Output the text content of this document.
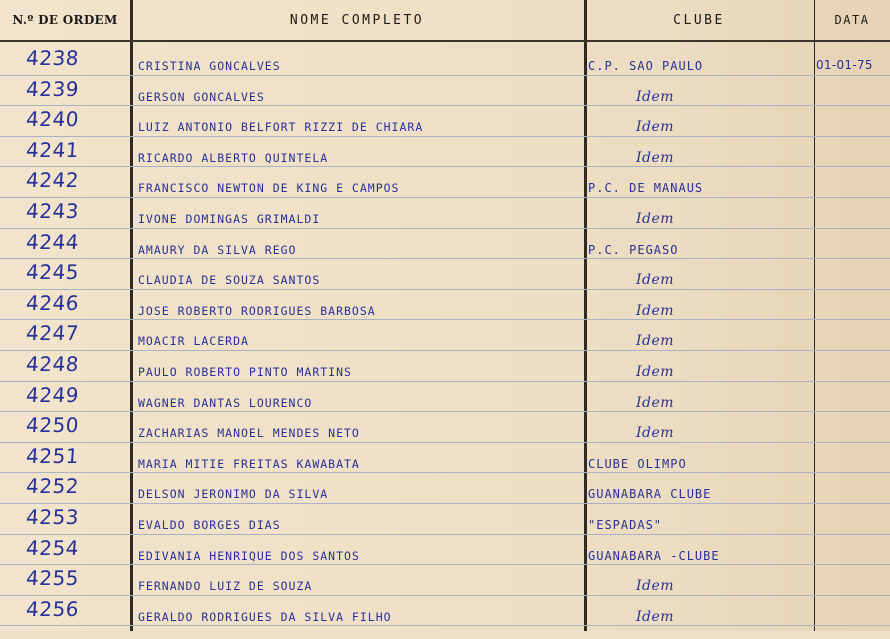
N.º DE ORDEM	NOME COMPLETO	CLUBE	DATA
4238	CRISTINA GONCALVES	C.P. SAO PAULO	01-01-75
4239	GERSON GONCALVES	Idem
4240	LUIZ ANTONIO BELFORT RIZZI DE CHIARA	Idem
4241	RICARDO ALBERTO QUINTELA	Idem
4242	FRANCISCO NEWTON DE KING E CAMPOS	P.C. DE MANAUS
4243	IVONE DOMINGAS GRIMALDI	Idem
4244	AMAURY DA SILVA REGO	P.C. PEGASO
4245	CLAUDIA DE SOUZA SANTOS	Idem
4246	JOSE ROBERTO RODRIGUES BARBOSA	Idem
4247	MOACIR LACERDA	Idem
4248	PAULO ROBERTO PINTO MARTINS	Idem
4249	WAGNER DANTAS LOURENCO	Idem
4250	ZACHARIAS MANOEL MENDES NETO	Idem
4251	MARIA MITIE FREITAS KAWABATA	CLUBE OLIMPO
4252	DELSON JERONIMO DA SILVA	GUANABARA CLUBE
4253	EVALDO BORGES DIAS	"ESPADAS"
4254	EDIVANIA HENRIQUE DOS SANTOS	GUANABARA -CLUBE
4255	FERNANDO LUIZ DE SOUZA	Idem
4256	GERALDO RODRIGUES DA SILVA FILHO	Idem
